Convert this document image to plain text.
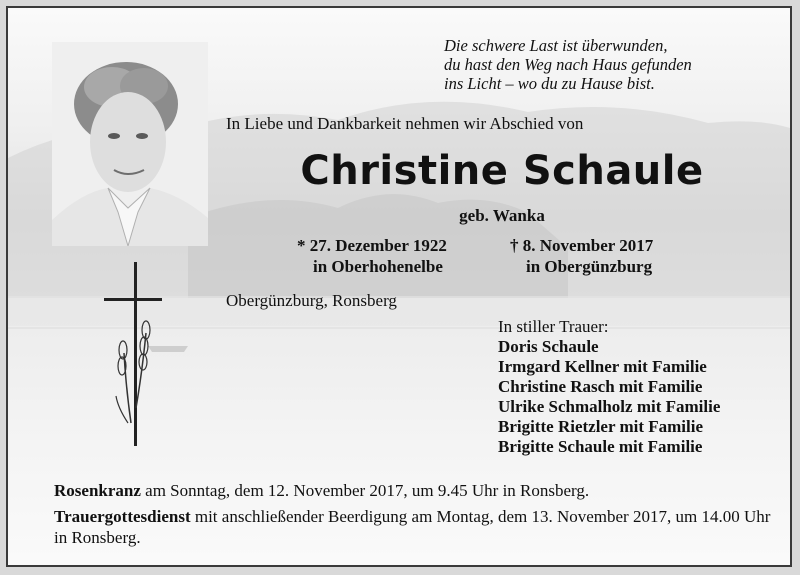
Die schwere Last ist überwunden,
du hast den Weg nach Haus gefunden
ins Licht – wo du zu Hause bist.
In Liebe und Dankbarkeit nehmen wir Abschied von
Christine Schaule
geb. Wanka
* 27. Dezember 1922
in Oberhohenelbe
† 8. November 2017
in Obergünzburg
Obergünzburg, Ronsberg
In stiller Trauer:
Doris Schaule
Irmgard Kellner mit Familie
Christine Rasch mit Familie
Ulrike Schmalholz mit Familie
Brigitte Rietzler mit Familie
Brigitte Schaule mit Familie

Rosenkranz am Sonntag, dem 12. November 2017, um 9.45 Uhr in Ronsberg.

Trauergottesdienst mit anschließender Beerdigung am Montag, dem 13. November 2017, um 14.00 Uhr in Ronsberg.
